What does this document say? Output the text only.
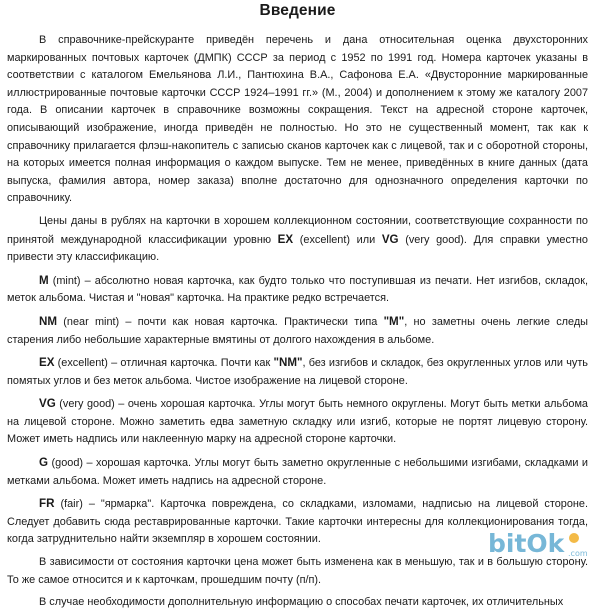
Введение

В справочнике-прейскуранте приведён перечень и дана относительная оценка двухсторонних маркированных почтовых карточек (ДМПК) СССР за период с 1952 по 1991 год. Номера карточек указаны в соответствии с каталогом Емельянова Л.И., Пантюхина В.А., Сафонова Е.А. «Двусторонние маркированные иллюстрированные почтовые карточки СССР 1924–1991 гг.» (М., 2004) и дополнением к этому же каталогу 2007 года. В описании карточек в справочнике возможны сокращения. Текст на адресной стороне карточек, описывающий изображение, иногда приведён не полностью. Но это не существенный момент, так как к справочнику прилагается флэш-накопитель с записью сканов карточек как с лицевой, так и с оборотной стороны, на которых имеется полная информация о каждом выпуске. Тем не менее, приведённых в книге данных (дата выпуска, фамилия автора, номер заказа) вполне достаточно для однозначного определения карточки по справочнику.

Цены даны в рублях на карточки в хорошем коллекционном состоянии, соответствующие сохранности по принятой международной классификации уровню EX (excellent) или VG (very good). Для справки уместно привести эту классификацию.

M (mint) – абсолютно новая карточка, как будто только что поступившая из печати. Нет изгибов, складок, меток альбома. Чистая и "новая" карточка. На практике редко встречается.

NM (near mint) – почти как новая карточка. Практически типа "M", но заметны очень легкие следы старения либо небольшие характерные вмятины от долгого нахождения в альбоме.

EX (excellent) – отличная карточка. Почти как "NM", без изгибов и складок, без округленных углов или чуть помятых углов и без меток альбома. Чистое изображение на лицевой стороне.

VG (very good) – очень хорошая карточка. Углы могут быть немного округлены. Могут быть метки альбома на лицевой стороне. Можно заметить едва заметную складку или изгиб, которые не портят лицевую сторону. Может иметь надпись или наклеенную марку на адресной стороне карточки.

G (good) – хорошая карточка. Углы могут быть заметно округленные с небольшими изгибами, складками и метками альбома. Может иметь надпись на адресной стороне.

FR (fair) – "ярмарка". Карточка повреждена, со складками, изломами, надписью на лицевой стороне. Следует добавить сюда реставрированные карточки. Такие карточки интересны для коллекционирования тогда, когда затруднительно найти экземпляр в хорошем состоянии.

В зависимости от состояния карточки цена может быть изменена как в меньшую, так и в большую сторону. То же самое относится и к карточкам, прошедшим почту (п/п).

В случае необходимости дополнительную информацию о способах печати карточек, их отличительных

bitOk .com
